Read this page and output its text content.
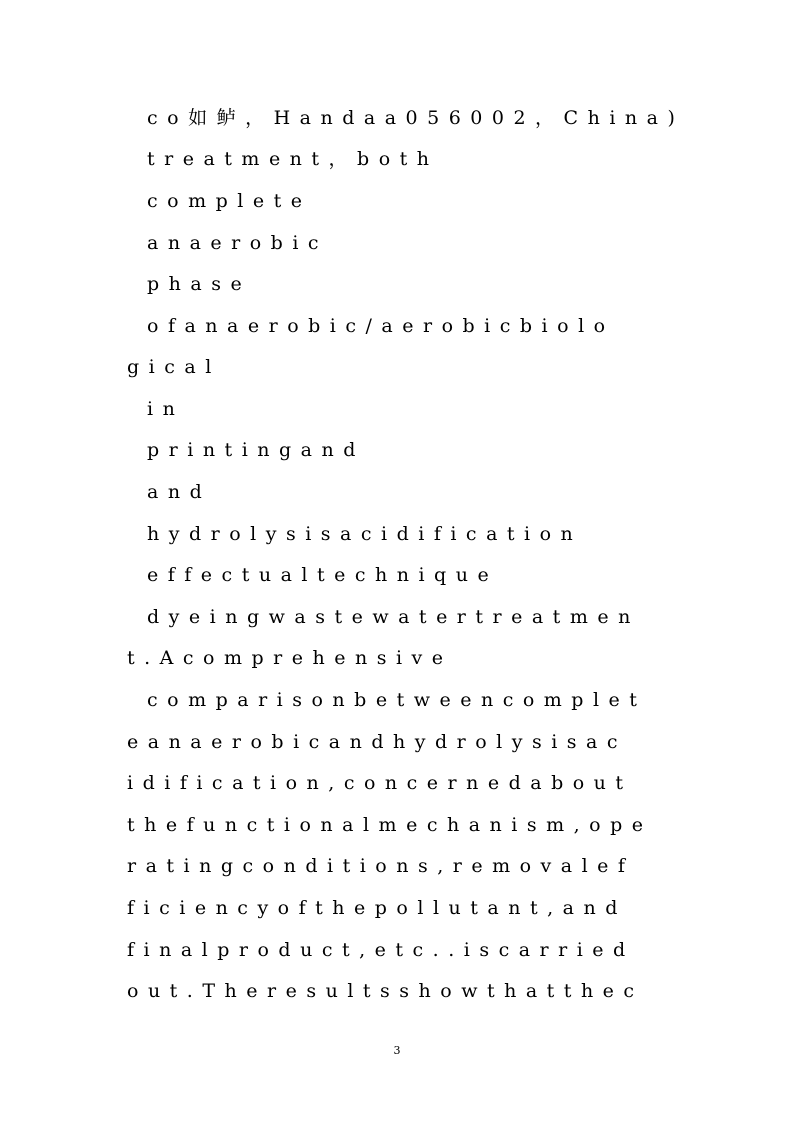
co如鲈，Handaa056002，China)
treatment，both
complete
anaerobic
phase
ofanaerobic/aerobicbiolo
gical
in
printingand
and
hydrolysisacidification
effectualtechnique
dyeingwastewatertreatmen
t.Acomprehensive
comparisonbetweencomplet
eanaerobicandhydrolysisac
idification,concernedabout
thefunctionalmechanism,ope
ratingconditions,removalef
ficiencyofthepollutant,and
finalproduct,etc..iscarried
out.Theresultsshowthatthec
3
